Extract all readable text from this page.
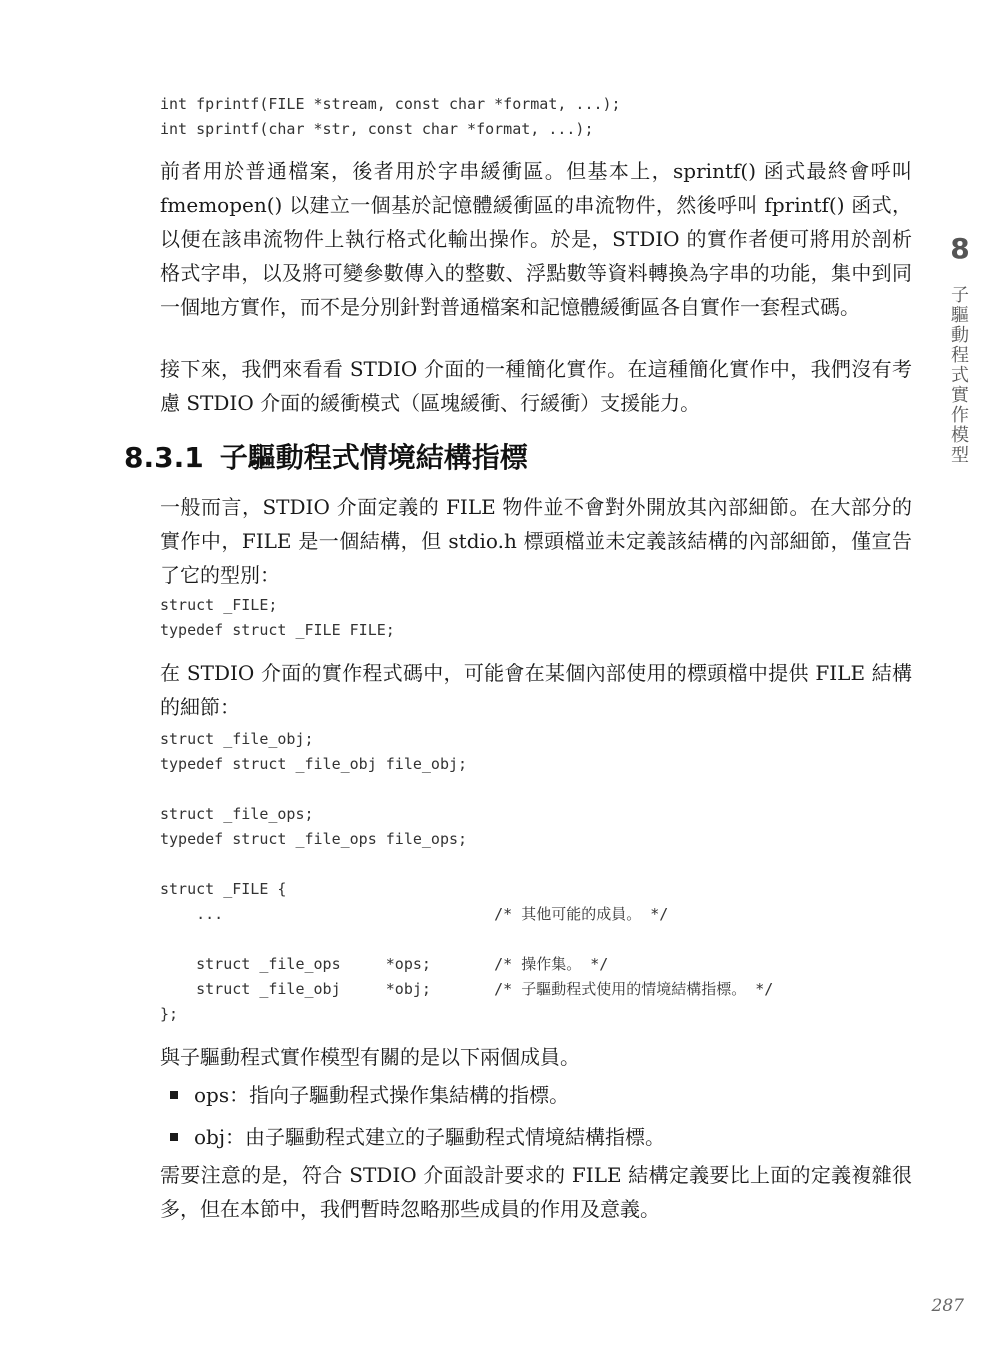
int fprintf(FILE *stream, const char *format, ...);
int sprintf(char *str, const char *format, ...);

前者用於普通檔案，後者用於字串緩衝區。但基本上，sprintf() 函式最終會呼叫 fmemopen() 以建立一個基於記憶體緩衝區的串流物件，然後呼叫 fprintf() 函式，以便在該串流物件上執行格式化輸出操作。於是，STDIO 的實作者便可將用於剖析格式字串，以及將可變參數傳入的整數、浮點數等資料轉換為字串的功能，集中到同一個地方實作，而不是分別針對普通檔案和記憶體緩衝區各自實作一套程式碼。

接下來，我們來看看 STDIO 介面的一種簡化實作。在這種簡化實作中，我們沒有考慮 STDIO 介面的緩衝模式（區塊緩衝、行緩衝）支援能力。

8.3.1 子驅動程式情境結構指標

一般而言，STDIO 介面定義的 FILE 物件並不會對外開放其內部細節。在大部分的實作中，FILE 是一個結構，但 stdio.h 標頭檔並未定義該結構的內部細節，僅宣告了它的型別：

struct _FILE;
typedef struct _FILE FILE;

在 STDIO 介面的實作程式碼中，可能會在某個內部使用的標頭檔中提供 FILE 結構的細節：

struct _file_obj;
typedef struct _file_obj file_obj;

struct _file_ops;
typedef struct _file_ops file_ops;

struct _FILE {
...                              /* 其他可能的成員。 */

struct _file_ops     *ops;       /* 操作集。 */
struct _file_obj     *obj;       /* 子驅動程式使用的情境結構指標。 */
};

與子驅動程式實作模型有關的是以下兩個成員。

ops：指向子驅動程式操作集結構的指標。
obj：由子驅動程式建立的子驅動程式情境結構指標。

需要注意的是，符合 STDIO 介面設計要求的 FILE 結構定義要比上面的定義複雜很多，但在本節中，我們暫時忽略那些成員的作用及意義。

8
子驅動程式實作模型
287
